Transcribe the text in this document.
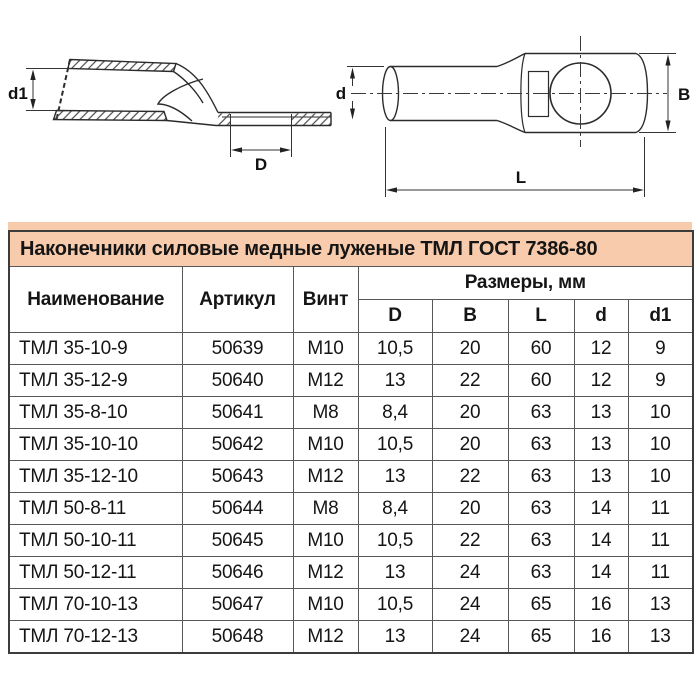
d1
D
d	B
L
Наконечники силовые медные луженые ТМЛ ГОСТ 7386-80							
Наименование	Артикул	Винт	Размеры, мм				
			D	B	L	d	d1
ТМЛ 35-10-9	50639	M10	10,5	20	60	12	9
ТМЛ 35-12-9	50640	M12	13	22	60	12	9
ТМЛ 35-8-10	50641	M8	8,4	20	63	13	10
ТМЛ 35-10-10	50642	M10	10,5	20	63	13	10
ТМЛ 35-12-10	50643	M12	13	22	63	13	10
ТМЛ 50-8-11	50644	M8	8,4	20	63	14	11
ТМЛ 50-10-11	50645	M10	10,5	22	63	14	11
ТМЛ 50-12-11	50646	M12	13	24	63	14	11
ТМЛ 70-10-13	50647	M10	10,5	24	65	16	13
ТМЛ 70-12-13	50648	M12	13	24	65	16	13
